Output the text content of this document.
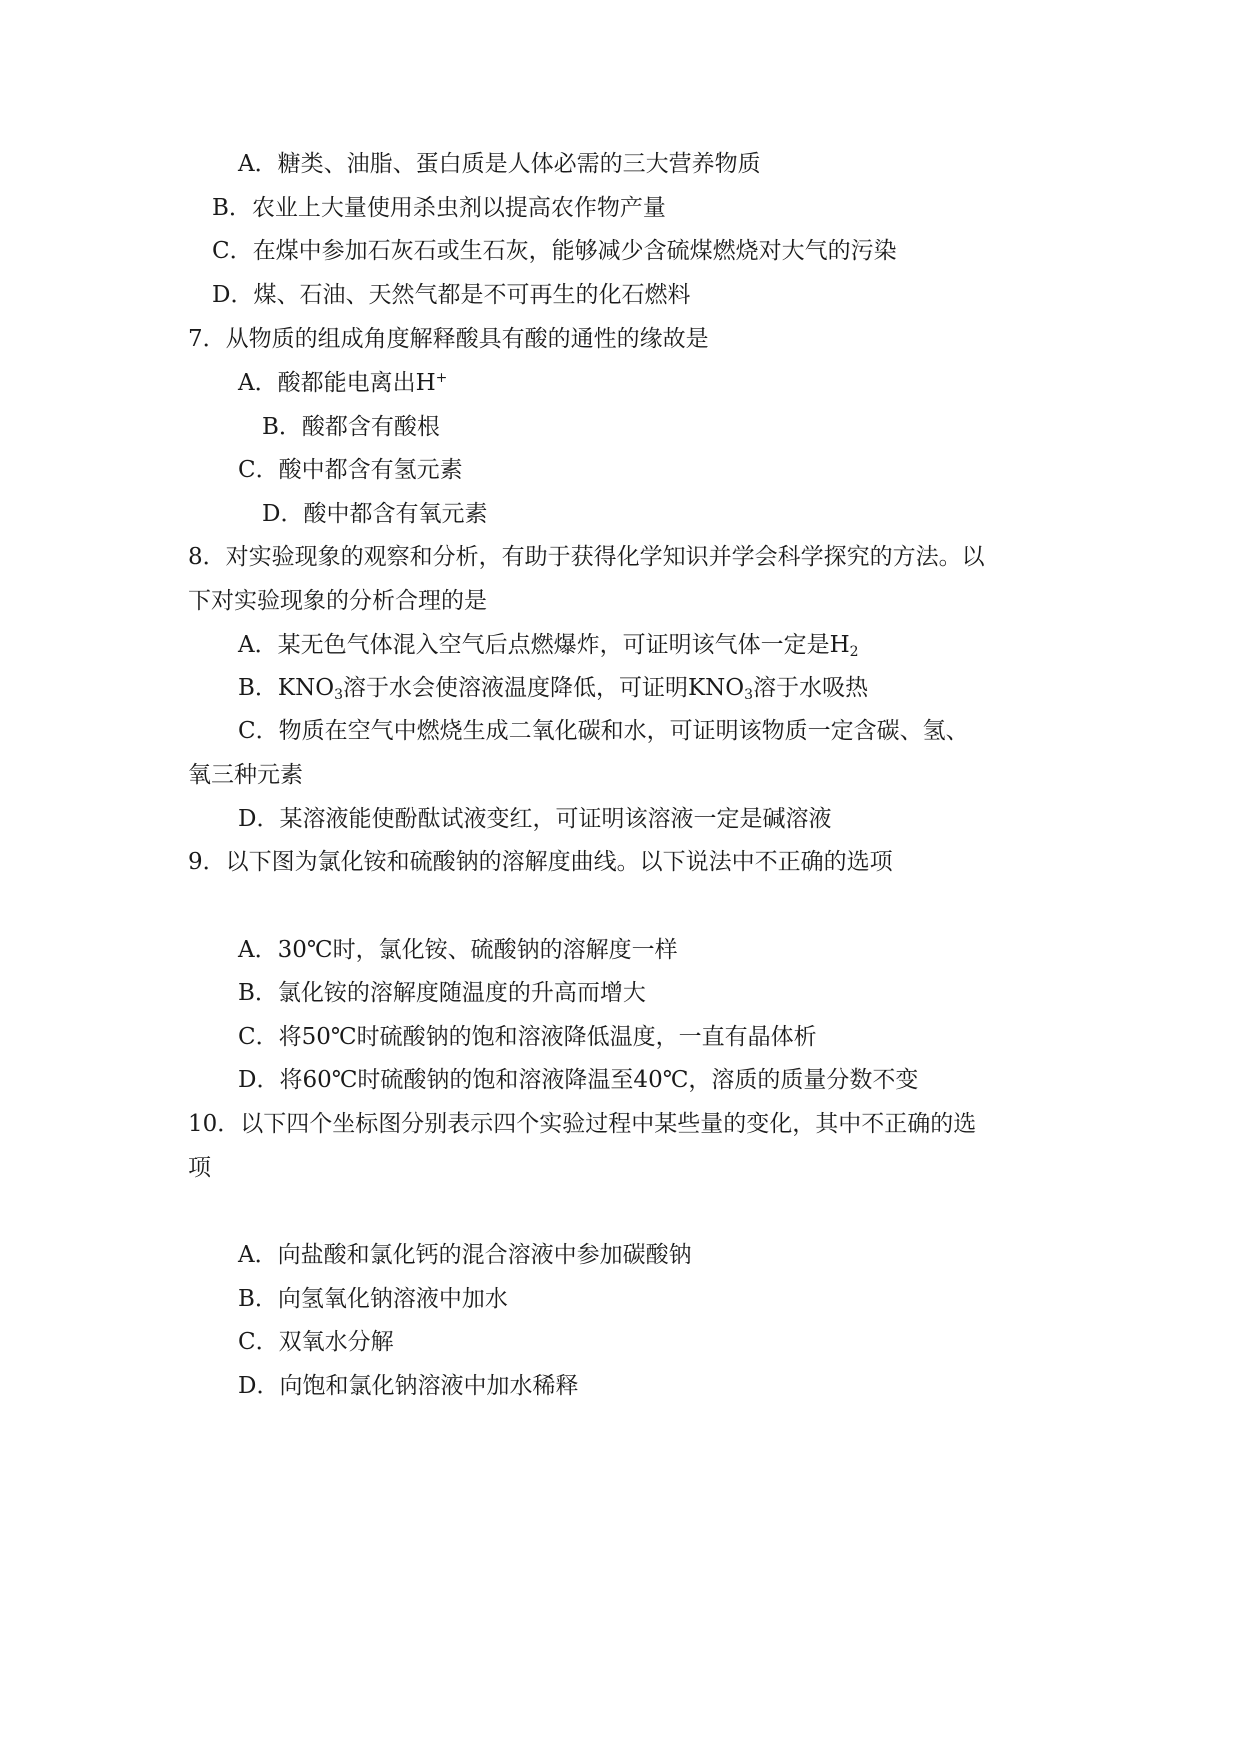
A．糖类、油脂、蛋白质是人体必需的三大营养物质
B．农业上大量使用杀虫剂以提高农作物产量
C．在煤中参加石灰石或生石灰，能够减少含硫煤燃烧对大气的污染
D．煤、石油、天然气都是不可再生的化石燃料
7．从物质的组成角度解释酸具有酸的通性的缘故是
A．酸都能电离出H+
B．酸都含有酸根
C．酸中都含有氢元素
D．酸中都含有氧元素
8．对实验现象的观察和分析，有助于获得化学知识并学会科学探究的方法。以
下对实验现象的分析合理的是
A．某无色气体混入空气后点燃爆炸，可证明该气体一定是$H_2$
B．$KNO_3$溶于水会使溶液温度降低，可证明$KNO_3$溶于水吸热
C．物质在空气中燃烧生成二氧化碳和水，可证明该物质一定含碳、氢、
氧三种元素
D．某溶液能使酚酞试液变红，可证明该溶液一定是碱溶液
9．以下图为氯化铵和硫酸钠的溶解度曲线。以下说法中不正确的选项
A．30℃时，氯化铵、硫酸钠的溶解度一样
B．氯化铵的溶解度随温度的升高而增大
C．将50℃时硫酸钠的饱和溶液降低温度，一直有晶体析
D．将60℃时硫酸钠的饱和溶液降温至40℃，溶质的质量分数不变
10．以下四个坐标图分别表示四个实验过程中某些量的变化，其中不正确的选
项
A．向盐酸和氯化钙的混合溶液中参加碳酸钠
B．向氢氧化钠溶液中加水
C．双氧水分解
D．向饱和氯化钠溶液中加水稀释
